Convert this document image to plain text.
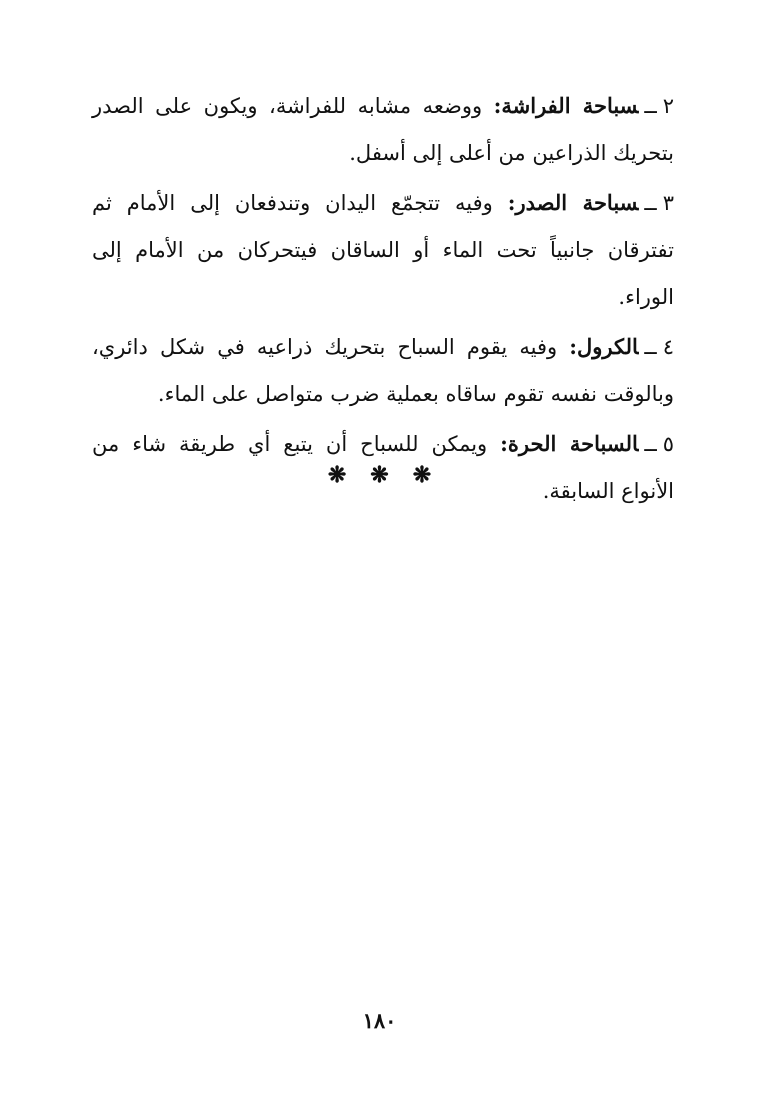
٢ــسباحة الفراشة: ووضعه مشابه للفراشة، ويكون على الصدر بتحريك الذراعين من أعلى إلى أسفل.

٣ــسباحة الصدر: وفيه تتجمّع اليدان وتندفعان إلى الأمام ثم تفترقان جانبياً تحت الماء أو الساقان فيتحركان من الأمام إلى الوراء.

٤ــالكرول: وفيه يقوم السباح بتحريك ذراعيه في شكل دائري، وبالوقت نفسه تقوم ساقاه بعملية ضرب متواصل على الماء.

٥ــالسباحة الحرة: ويمكن للسباح أن يتبع أي طريقة شاء من الأنواع السابقة.

❋ ❋ ❋
١٨٠
